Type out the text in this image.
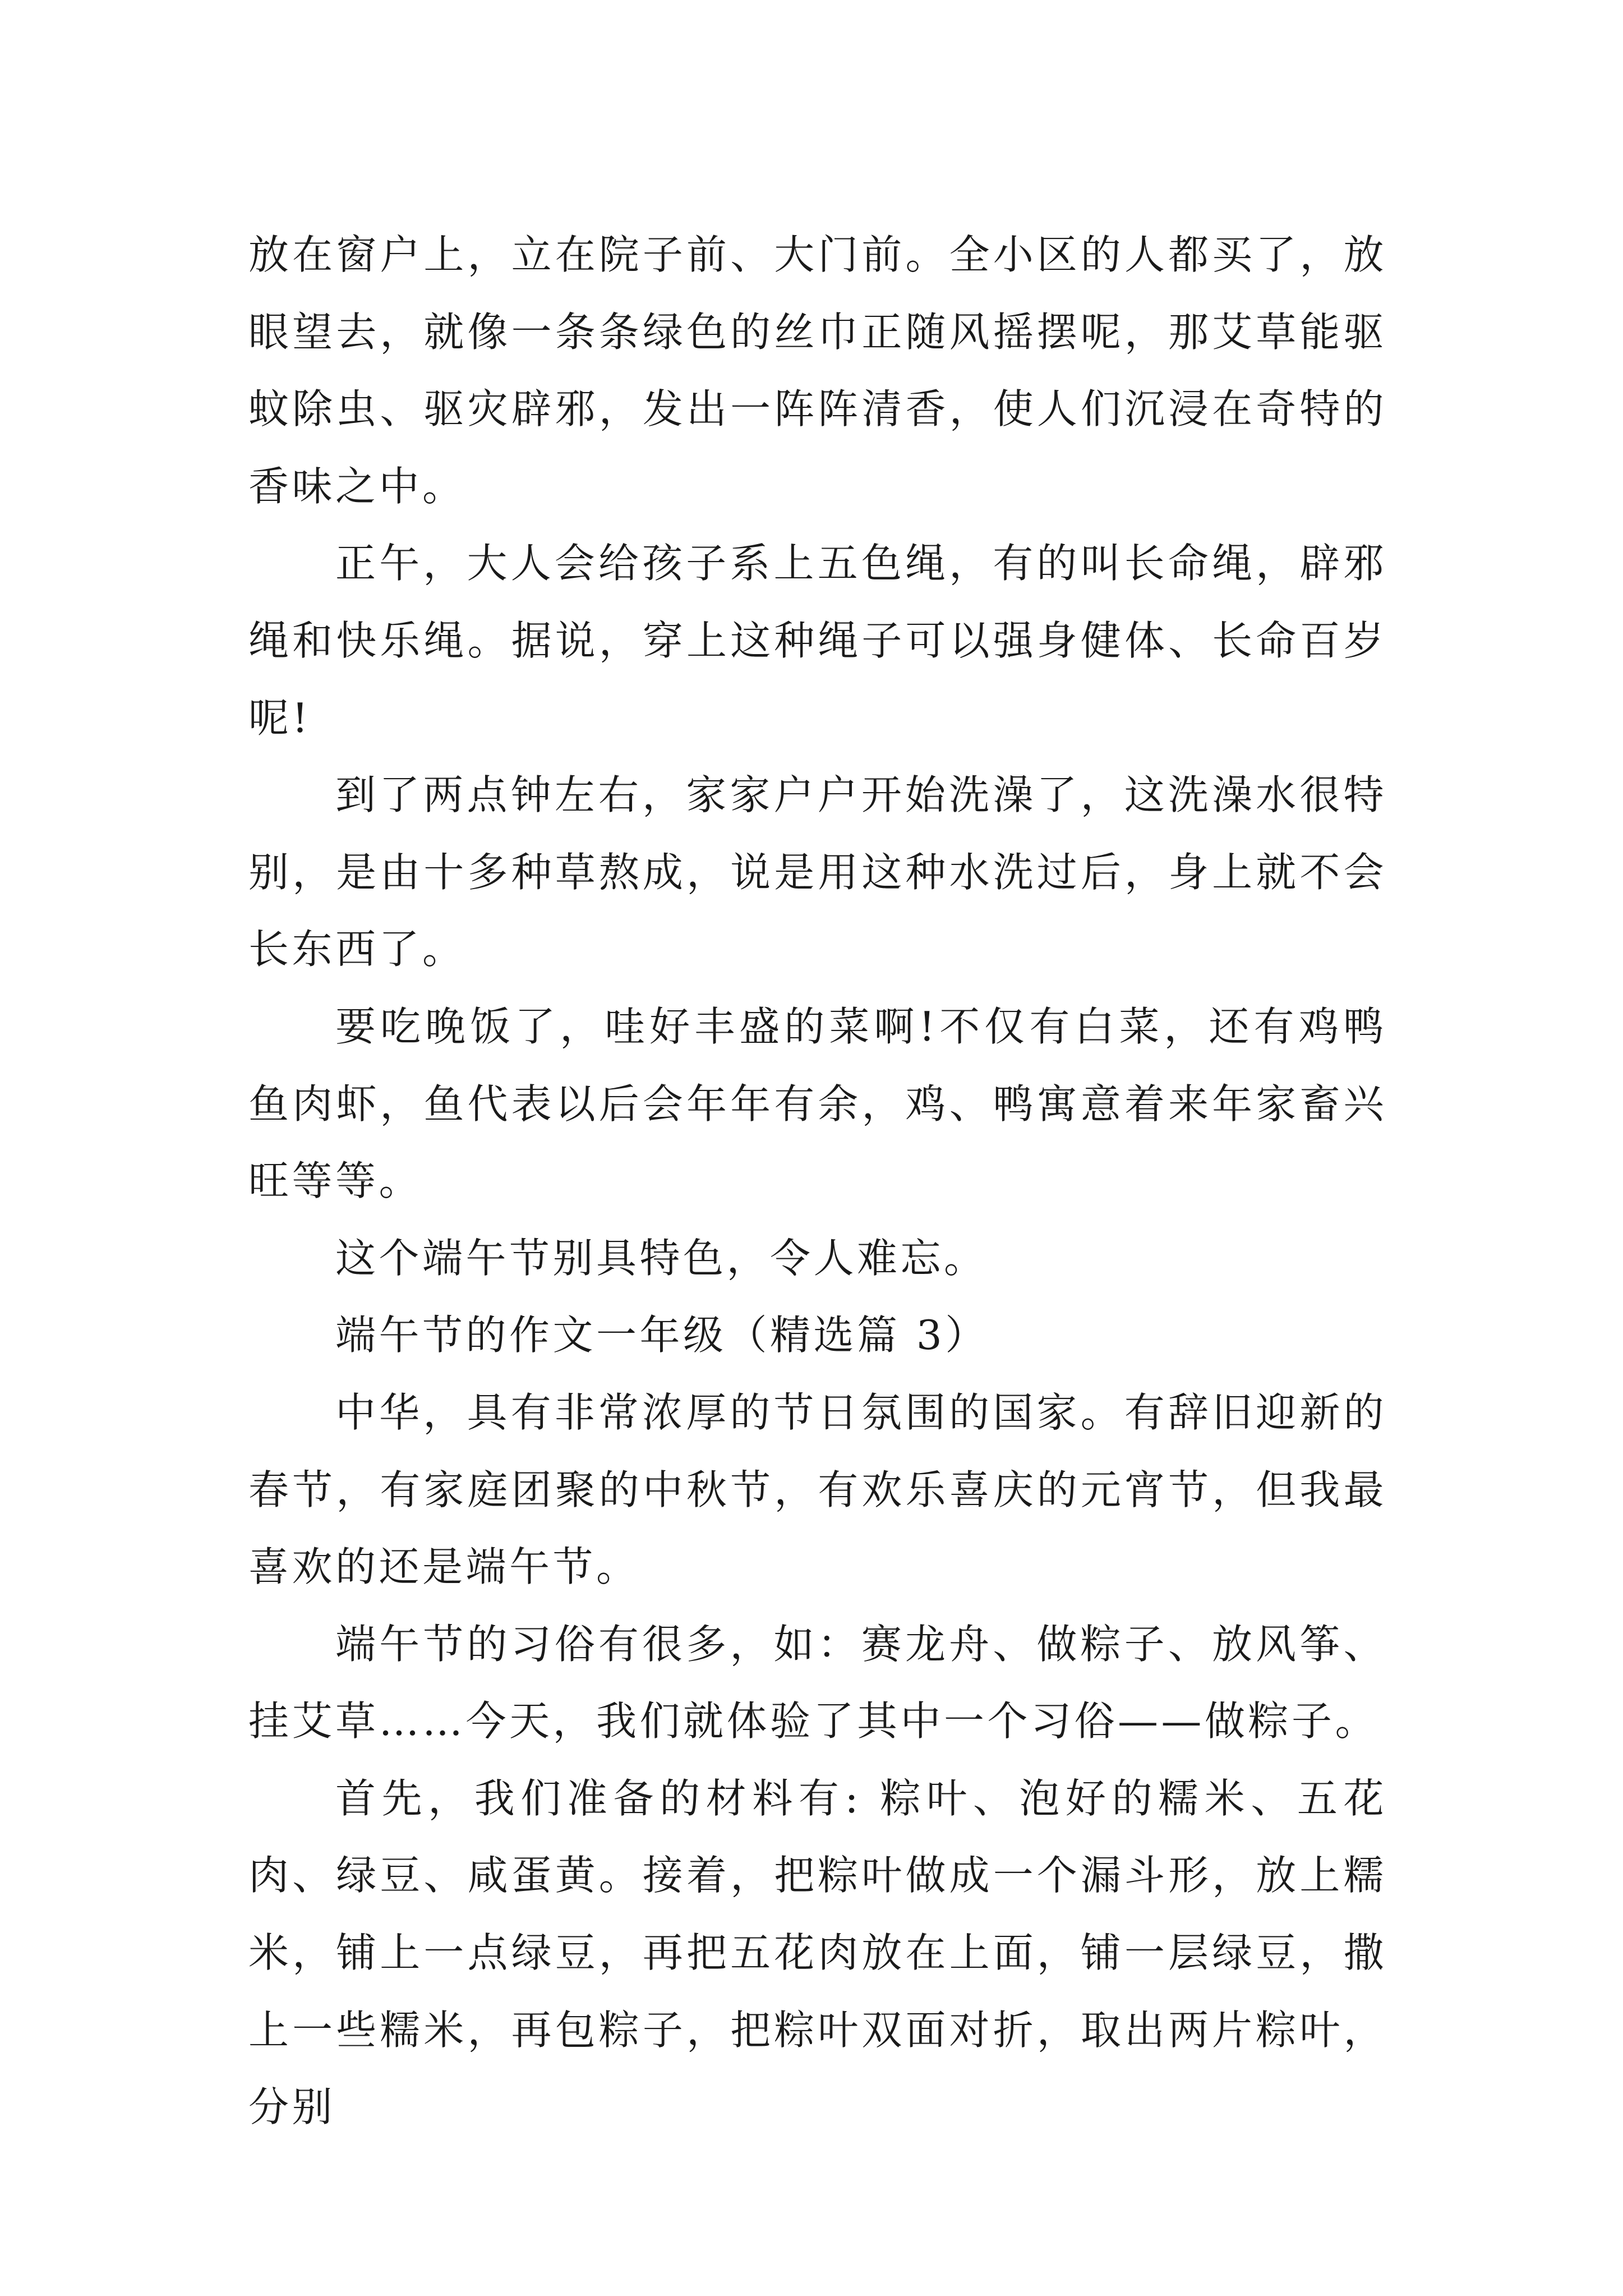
放在窗户上，立在院子前、大门前。全小区的人都买了，放眼望去，就像一条条绿色的丝巾正随风摇摆呢，那艾草能驱蚊除虫、驱灾辟邪，发出一阵阵清香，使人们沉浸在奇特的香味之中。

正午，大人会给孩子系上五色绳，有的叫长命绳，辟邪绳和快乐绳。据说，穿上这种绳子可以强身健体、长命百岁呢!

到了两点钟左右，家家户户开始洗澡了，这洗澡水很特别，是由十多种草熬成，说是用这种水洗过后，身上就不会长东西了。

要吃晚饭了，哇好丰盛的菜啊!不仅有白菜，还有鸡鸭鱼肉虾，鱼代表以后会年年有余，鸡、鸭寓意着来年家畜兴旺等等。

这个端午节别具特色，令人难忘。

端午节的作文一年级（精选篇 3）

中华，具有非常浓厚的节日氛围的国家。有辞旧迎新的春节，有家庭团聚的中秋节，有欢乐喜庆的元宵节，但我最喜欢的还是端午节。

端午节的习俗有很多，如：赛龙舟、做粽子、放风筝、挂艾草……今天，我们就体验了其中一个习俗——做粽子。

首先，我们准备的材料有: 粽叶、泡好的糯米、五花肉、绿豆、咸蛋黄。接着，把粽叶做成一个漏斗形，放上糯米，铺上一点绿豆，再把五花肉放在上面，铺一层绿豆，撒上一些糯米，再包粽子，把粽叶双面对折，取出两片粽叶，分别
